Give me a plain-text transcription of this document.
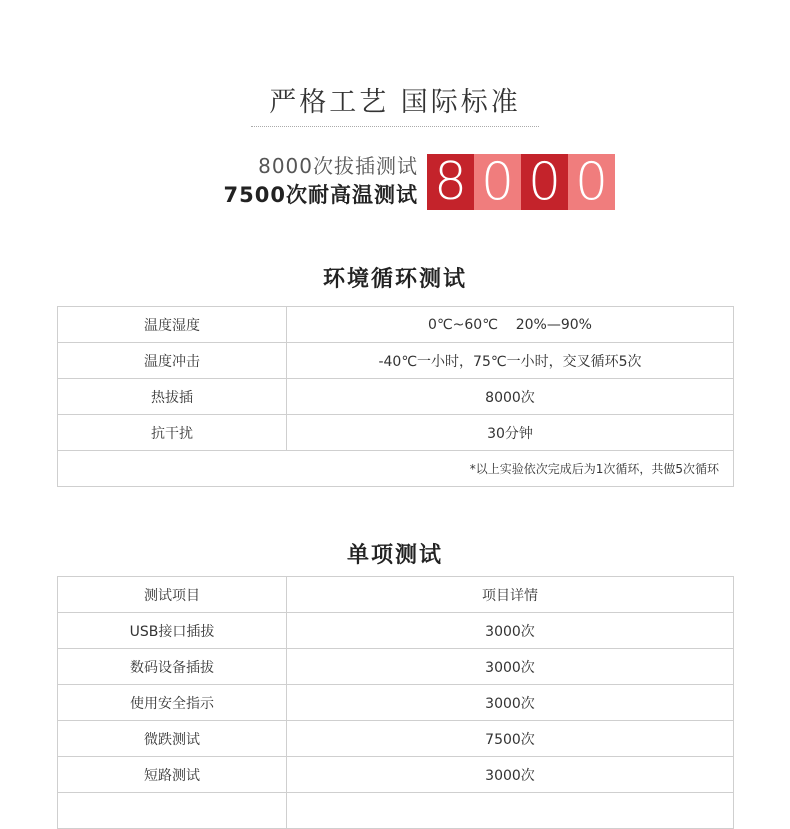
严格工艺 国际标准
8000次拔插测试
7500次耐高温测试 8 0 0 0
环境循环测试
温度湿度	0℃~60℃    20%—90%
温度冲击	-40℃一小时，75℃一小时，交叉循环5次
热拔插	8000次
抗干扰	30分钟
*以上实验依次完成后为1次循环，共做5次循环	
单项测试
测试项目	项目详情
USB接口插拔	3000次
数码设备插拔	3000次
使用安全指示	3000次
微跌测试	7500次
短路测试	3000次
